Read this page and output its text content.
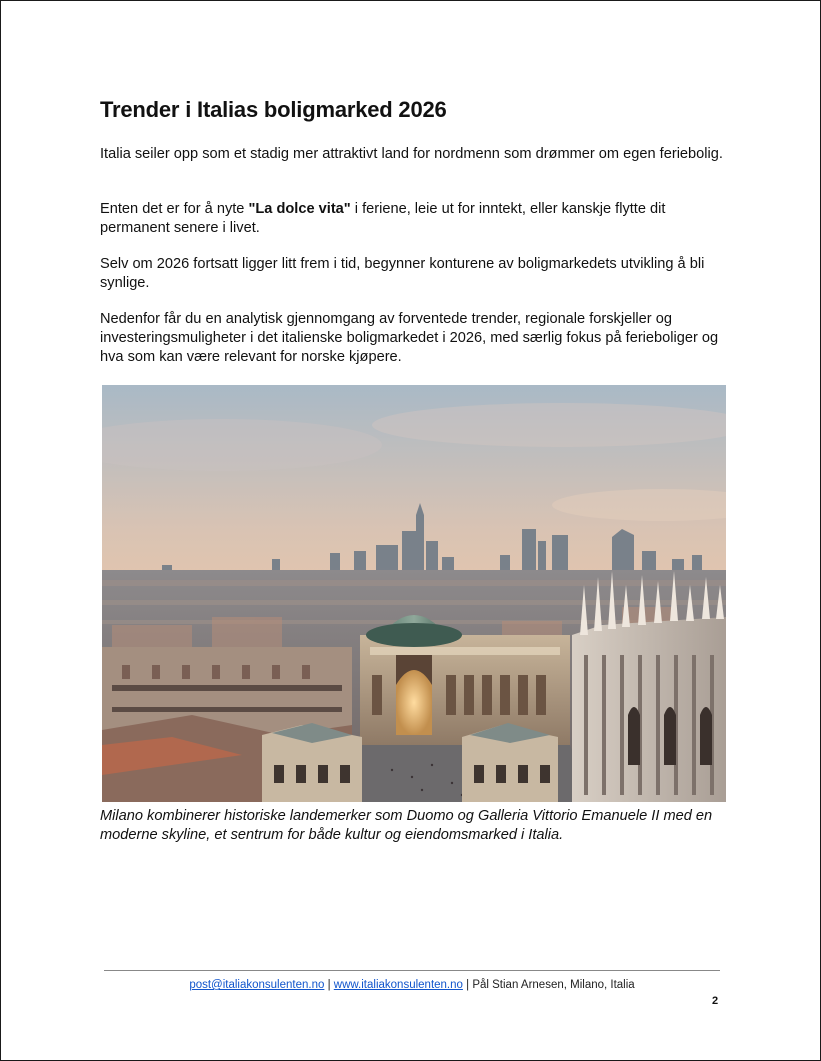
Trender i Italias boligmarked 2026

Italia seiler opp som et stadig mer attraktivt land for nordmenn som drømmer om egen feriebolig.

Enten det er for å nyte "La dolce vita" i feriene, leie ut for inntekt, eller kanskje flytte dit permanent senere i livet.

Selv om 2026 fortsatt ligger litt frem i tid, begynner konturene av boligmarkedets utvikling å bli synlige.

Nedenfor får du en analytisk gjennomgang av forventede trender, regionale forskjeller og investeringsmuligheter i det italienske boligmarkedet i 2026, med særlig fokus på ferieboliger og hva som kan være relevant for norske kjøpere.

Milano kombinerer historiske landemerker som Duomo og Galleria Vittorio Emanuele II med en moderne skyline, et sentrum for både kultur og eiendomsmarked i Italia.

post@italiakonsulenten.no | www.italiakonsulenten.no | Pål Stian Arnesen, Milano, Italia
2
